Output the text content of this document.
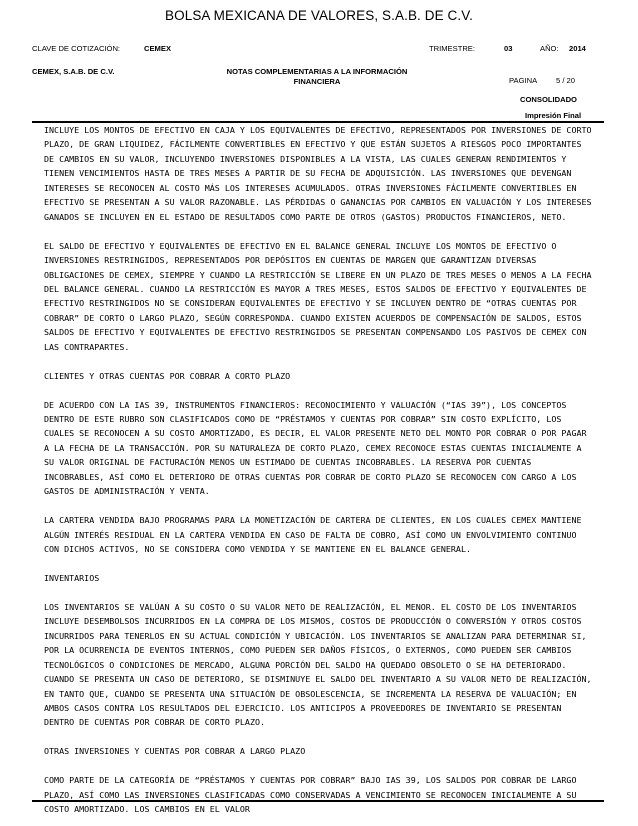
BOLSA MEXICANA DE VALORES, S.A.B. DE C.V.
CLAVE DE COTIZACIÓN:	CEMEX	TRIMESTRE:	03	AÑO: 2014
CEMEX, S.A.B. DE C.V.	NOTAS COMPLEMENTARIAS A LA INFORMACIÓN
FINANCIERA	PAGINA 5 / 20
CONSOLIDADO
Impresión Final

INCLUYE LOS MONTOS DE EFECTIVO EN CAJA Y LOS EQUIVALENTES DE EFECTIVO, REPRESENTADOS POR INVERSIONES DE CORTO PLAZO, DE GRAN LIQUIDEZ, FÁCILMENTE CONVERTIBLES EN EFECTIVO Y QUE ESTÁN SUJETOS A RIESGOS POCO IMPORTANTES DE CAMBIOS EN SU VALOR, INCLUYENDO INVERSIONES DISPONIBLES A LA VISTA, LAS CUALES GENERAN RENDIMIENTOS Y TIENEN VENCIMIENTOS HASTA DE TRES MESES A PARTIR DE SU FECHA DE ADQUISICIÓN. LAS INVERSIONES QUE DEVENGAN INTERESES SE RECONOCEN AL COSTO MÁS LOS INTERESES ACUMULADOS. OTRAS INVERSIONES FÁCILMENTE CONVERTIBLES EN EFECTIVO SE PRESENTAN A SU VALOR RAZONABLE. LAS PÉRDIDAS O GANANCIAS POR CAMBIOS EN VALUACIÓN Y LOS INTERESES GANADOS SE INCLUYEN EN EL ESTADO DE RESULTADOS COMO PARTE DE OTROS (GASTOS) PRODUCTOS FINANCIEROS, NETO.

EL SALDO DE EFECTIVO Y EQUIVALENTES DE EFECTIVO EN EL BALANCE GENERAL INCLUYE LOS MONTOS DE EFECTIVO O INVERSIONES RESTRINGIDOS, REPRESENTADOS POR DEPÓSITOS EN CUENTAS DE MARGEN QUE GARANTIZAN DIVERSAS OBLIGACIONES DE CEMEX, SIEMPRE Y CUANDO LA RESTRICCIÓN SE LIBERE EN UN PLAZO DE TRES MESES O MENOS A LA FECHA DEL BALANCE GENERAL. CUANDO LA RESTRICCIÓN ES MAYOR A TRES MESES, ESTOS SALDOS DE EFECTIVO Y EQUIVALENTES DE EFECTIVO RESTRINGIDOS NO SE CONSIDERAN EQUIVALENTES DE EFECTIVO Y SE INCLUYEN DENTRO DE “OTRAS CUENTAS POR COBRAR” DE CORTO O LARGO PLAZO, SEGÚN CORRESPONDA. CUANDO EXISTEN ACUERDOS DE COMPENSACIÓN DE SALDOS, ESTOS SALDOS DE EFECTIVO Y EQUIVALENTES DE EFECTIVO RESTRINGIDOS SE PRESENTAN COMPENSANDO LOS PASIVOS DE CEMEX CON LAS CONTRAPARTES.

CLIENTES Y OTRAS CUENTAS POR COBRAR A CORTO PLAZO

DE ACUERDO CON LA IAS 39, INSTRUMENTOS FINANCIEROS: RECONOCIMIENTO Y VALUACIÓN (“IAS 39”), LOS CONCEPTOS DENTRO DE ESTE RUBRO SON CLASIFICADOS COMO DE “PRÉSTAMOS Y CUENTAS POR COBRAR” SIN COSTO EXPLÍCITO, LOS CUALES SE RECONOCEN A SU COSTO AMORTIZADO, ES DECIR, EL VALOR PRESENTE NETO DEL MONTO POR COBRAR O POR PAGAR A LA FECHA DE LA TRANSACCIÓN. POR SU NATURALEZA DE CORTO PLAZO, CEMEX RECONOCE ESTAS CUENTAS INICIALMENTE A SU VALOR ORIGINAL DE FACTURACIÓN MENOS UN ESTIMADO DE CUENTAS INCOBRABLES. LA RESERVA POR CUENTAS INCOBRABLES, ASÍ COMO EL DETERIORO DE OTRAS CUENTAS POR COBRAR DE CORTO PLAZO SE RECONOCEN CON CARGO A LOS GASTOS DE ADMINISTRACIÓN Y VENTA.

LA CARTERA VENDIDA BAJO PROGRAMAS PARA LA MONETIZACIÓN DE CARTERA DE CLIENTES, EN LOS CUALES CEMEX MANTIENE ALGÚN INTERÉS RESIDUAL EN LA CARTERA VENDIDA EN CASO DE FALTA DE COBRO, ASÍ COMO UN ENVOLVIMIENTO CONTINUO CON DICHOS ACTIVOS, NO SE CONSIDERA COMO VENDIDA Y SE MANTIENE EN EL BALANCE GENERAL.

INVENTARIOS

LOS INVENTARIOS SE VALÚAN A SU COSTO O SU VALOR NETO DE REALIZACIÓN, EL MENOR. EL COSTO DE LOS INVENTARIOS INCLUYE DESEMBOLSOS INCURRIDOS EN LA COMPRA DE LOS MISMOS, COSTOS DE PRODUCCIÓN O CONVERSIÓN Y OTROS COSTOS INCURRIDOS PARA TENERLOS EN SU ACTUAL CONDICIÓN Y UBICACIÓN. LOS INVENTARIOS SE ANALIZAN PARA DETERMINAR SI, POR LA OCURRENCIA DE EVENTOS INTERNOS, COMO PUEDEN SER DAÑOS FÍSICOS, O EXTERNOS, COMO PUEDEN SER CAMBIOS TECNOLÓGICOS O CONDICIONES DE MERCADO, ALGUNA PORCIÓN DEL SALDO HA QUEDADO OBSOLETO O SE HA DETERIORADO. CUANDO SE PRESENTA UN CASO DE DETERIORO, SE DISMINUYE EL SALDO DEL INVENTARIO A SU VALOR NETO DE REALIZACIÓN, EN TANTO QUE, CUANDO SE PRESENTA UNA SITUACIÓN DE OBSOLESCENCIA, SE INCREMENTA LA RESERVA DE VALUACIÓN; EN AMBOS CASOS CONTRA LOS RESULTADOS DEL EJERCICIO. LOS ANTICIPOS A PROVEEDORES DE INVENTARIO SE PRESENTAN DENTRO DE CUENTAS POR COBRAR DE CORTO PLAZO.

OTRAS INVERSIONES Y CUENTAS POR COBRAR A LARGO PLAZO

COMO PARTE DE LA CATEGORÍA DE “PRÉSTAMOS Y CUENTAS POR COBRAR” BAJO IAS 39, LOS SALDOS POR COBRAR DE LARGO PLAZO, ASÍ COMO LAS INVERSIONES CLASIFICADAS COMO CONSERVADAS A VENCIMIENTO SE RECONOCEN INICIALMENTE A SU COSTO AMORTIZADO. LOS CAMBIOS EN EL VALOR
